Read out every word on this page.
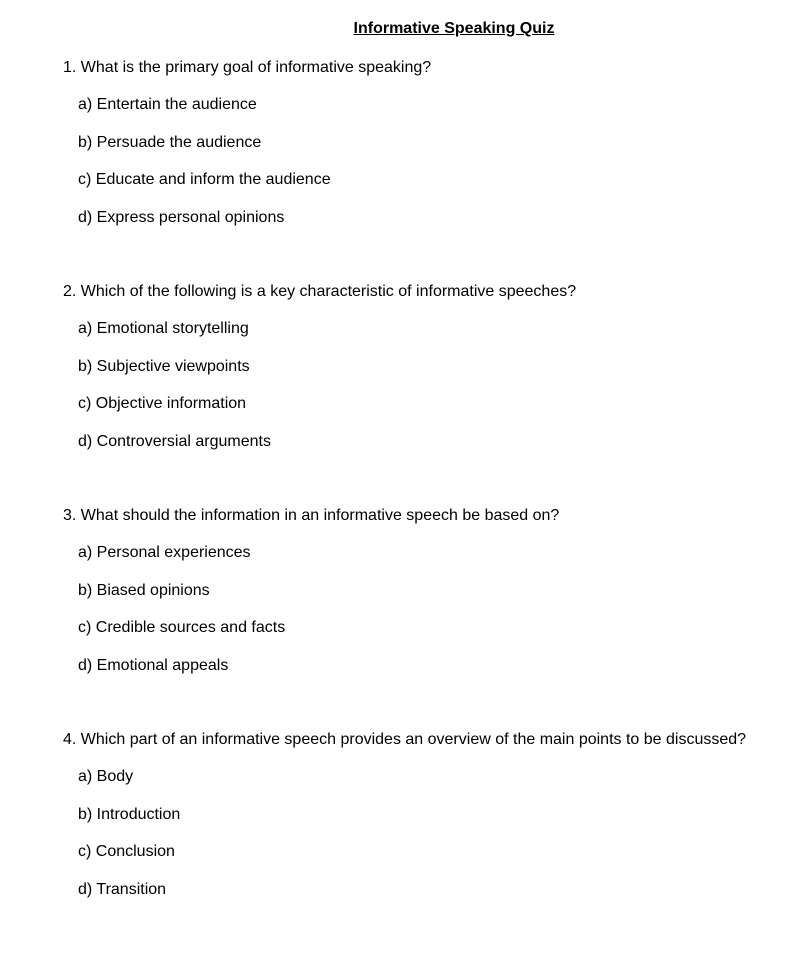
Informative Speaking Quiz
1. What is the primary goal of informative speaking?
a) Entertain the audience
b) Persuade the audience
c) Educate and inform the audience
d) Express personal opinions
2. Which of the following is a key characteristic of informative speeches?
a) Emotional storytelling
b) Subjective viewpoints
c) Objective information
d) Controversial arguments
3. What should the information in an informative speech be based on?
a) Personal experiences
b) Biased opinions
c) Credible sources and facts
d) Emotional appeals
4. Which part of an informative speech provides an overview of the main points to be discussed?
a) Body
b) Introduction
c) Conclusion
d) Transition
